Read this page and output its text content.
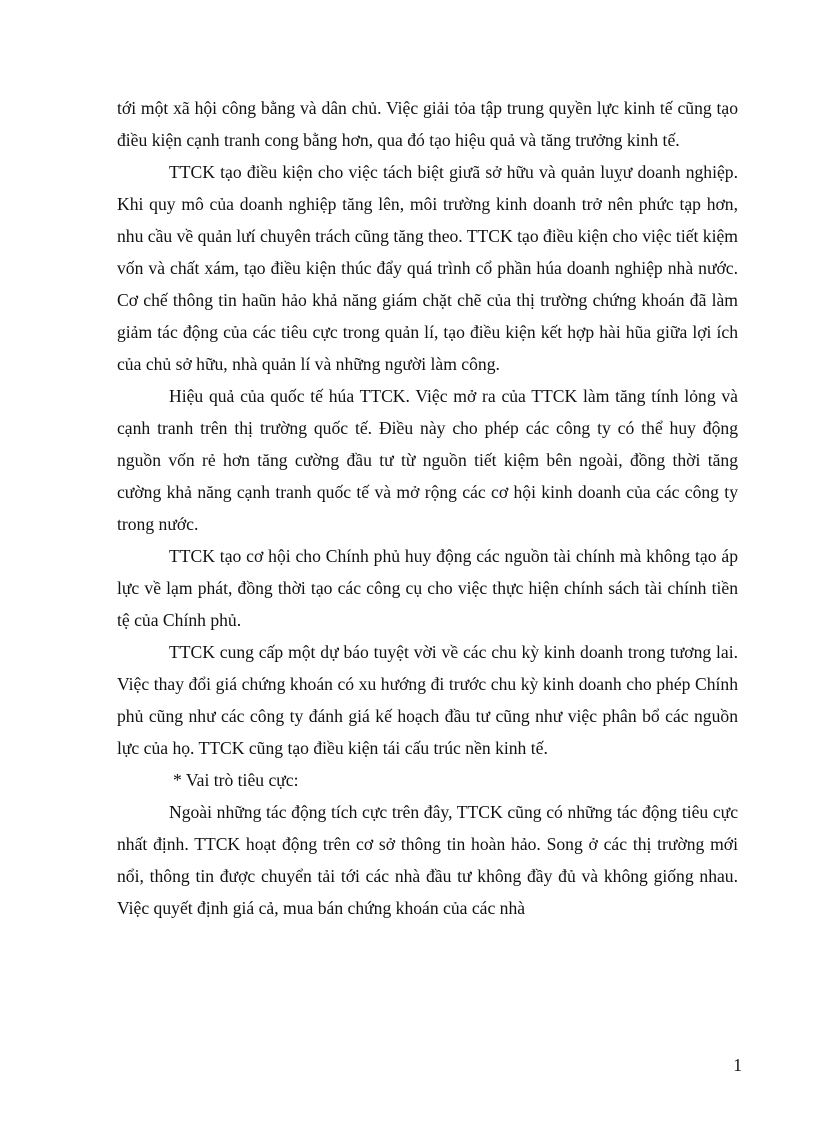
tới một xã hội công bằng và dân chủ. Việc giải tỏa tập trung quyền lực kinh tế cũng tạo điều kiện cạnh tranh cong bằng hơn, qua đó tạo hiệu quả và tăng trưởng kinh tế.

TTCK tạo điều kiện cho việc tách biệt giưã sở hữu và quản luỵư doanh nghiệp. Khi quy mô của doanh nghiệp tăng lên, môi trường kinh doanh trở nên phức tạp hơn, nhu cầu về quản lưí chuyên trách cũng tăng theo. TTCK tạo điều kiện cho việc tiết kiệm vốn và chất xám, tạo điều kiện thúc đẩy quá trình cổ phần húa doanh nghiệp nhà nước. Cơ chế thông tin haũn hảo khả năng giám chặt chẽ của thị trường chứng khoán đã làm giảm tác động của các tiêu cực trong quản lí, tạo điều kiện kết hợp hài hũa giữa lợi ích của chủ sở hữu, nhà quản lí và những người làm công.

Hiệu quả của quốc tế húa TTCK. Việc mở ra của TTCK làm tăng tính lỏng và cạnh tranh trên thị trường quốc tế. Điều này cho phép các công ty có thể huy động nguồn vốn rẻ hơn tăng cường đầu tư từ nguồn tiết kiệm bên ngoài, đồng thời tăng cường khả năng cạnh tranh quốc tế và mở rộng các cơ hội kinh doanh của các công ty trong nước.

TTCK tạo cơ hội cho Chính phủ huy động các nguồn tài chính mà không tạo áp lực về lạm phát, đồng thời tạo các công cụ cho việc thực hiện chính sách tài chính tiền tệ của Chính phủ.

TTCK cung cấp một dự báo tuyệt vời về các chu kỳ kinh doanh trong tương lai. Việc thay đổi giá chứng khoán có xu hướng đi trước chu kỳ kinh doanh cho phép Chính phủ cũng như các công ty đánh giá kế hoạch đầu tư cũng như việc phân bổ các nguồn lực của họ. TTCK cũng tạo điều kiện tái cấu trúc nền kinh tế.

* Vai trò tiêu cực:

Ngoài những tác động tích cực trên đây, TTCK cũng có những tác động tiêu cực nhất định. TTCK hoạt động trên cơ sở thông tin hoàn hảo. Song ở các thị trường mới nổi, thông tin được chuyển tải tới các nhà đầu tư không đầy đủ và không giống nhau. Việc quyết định giá cả, mua bán chứng khoán của các nhà

1
